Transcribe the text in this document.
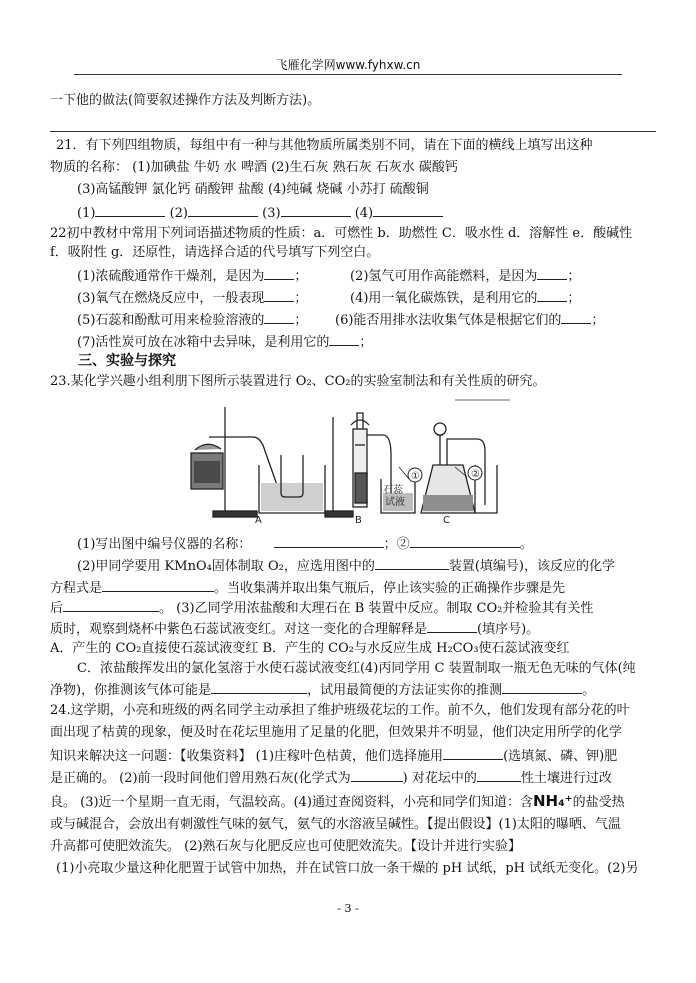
飞雁化学网www.fyhxw.cn
一下他的做法(简要叙述操作方法及判断方法)。
21．有下列四组物质，每组中有一种与其他物质所属类别不同，请在下面的横线上填写出这种
物质的名称： (1)加碘盐 牛奶 水 啤酒 (2)生石灰 熟石灰 石灰水 碳酸钙
(3)高锰酸钾 氯化钙 硝酸钾 盐酸 (4)纯碱 烧碱 小苏打 硫酸铜
(1)	(2)	(3)	(4)
22初中教材中常用下列词语描述物质的性质：a．可燃性 b．助燃性 C．吸水性 d．溶解性 e．酸碱性
f．吸附性 g．还原性，请选择合适的代号填写下列空白。
(1)浓硫酸通常作干燥剂，是因为 ；	(2)氢气可用作高能燃料，是因为 ；
(3)氧气在燃烧反应中，一般表现 ；	(4)用一氧化碳炼铁，是利用它的 ；
(5)石蕊和酚酞可用来检验溶液的 ； (6)能否用排水法收集气体是根据它们的 ；
(7)活性炭可放在冰箱中去异味，是利用它的 ；
三、实验与探究
23.某化学兴趣小组利朋下图所示装置进行 O₂、CO₂的实验室制法和有关性质的研究。
①	②
石蕊
试液
A	B	C
(1)写出图中编号仪器的名称：	；②	。
(2)甲同学要用 KMnO₄固体制取 O₂，应选用图中的	装置(填编号)，该反应的化学
方程式是	。当收集满并取出集气瓶后，停止该实验的正确操作步骤是先
后	。 (3)乙同学用浓盐酸和大理石在 B 装置中反应。制取 CO₂并检验其有关性
质时，观察到烧杯中紫色石蕊试液变红。对这一变化的合理解释是	(填序号)。
A．产生的 CO₂直接使石蕊试液变红 B．产生的 CO₂与水反应生成 H₂CO₃使石蕊试液变红
C．浓盐酸挥发出的氯化氢溶于水使石蕊试液变红(4)丙同学用 C 装置制取一瓶无色无味的气体(纯
净物)，你推测该气体可能是	，试用最简便的方法证实你的推测	。
24.这学期，小亮和班级的两名同学主动承担了维护班级花坛的工作。前不久，他们发现有部分花的叶
面出现了枯黄的现象，便及时在花坛里施用了足量的化肥，但效果并不明显，他们决定用所学的化学
知识来解决这一问题：【收集资料】 (1)庄稼叶色枯黄，他们选择施用	(选填氮、磷、钾)肥
是正确的。 (2)前一段时间他们曾用熟石灰(化学式为	) 对花坛中的	性土壤进行过改
良。 (3)近一个星期一直无雨，气温较高。(4)通过查阅资料，小亮和同学们知道：含NH₄⁺的盐受热
或与碱混合，会放出有刺激性气味的氨气，氨气的水溶液呈碱性。【提出假设】(1)太阳的曝晒、气温
升高都可使肥效流失。 (2)熟石灰与化肥反应也可使肥效流失。【设计并进行实验】
(1)小亮取少量这种化肥置于试管中加热，并在试管口放一条干燥的 pH 试纸，pH 试纸无变化。(2)另
- 3 -
